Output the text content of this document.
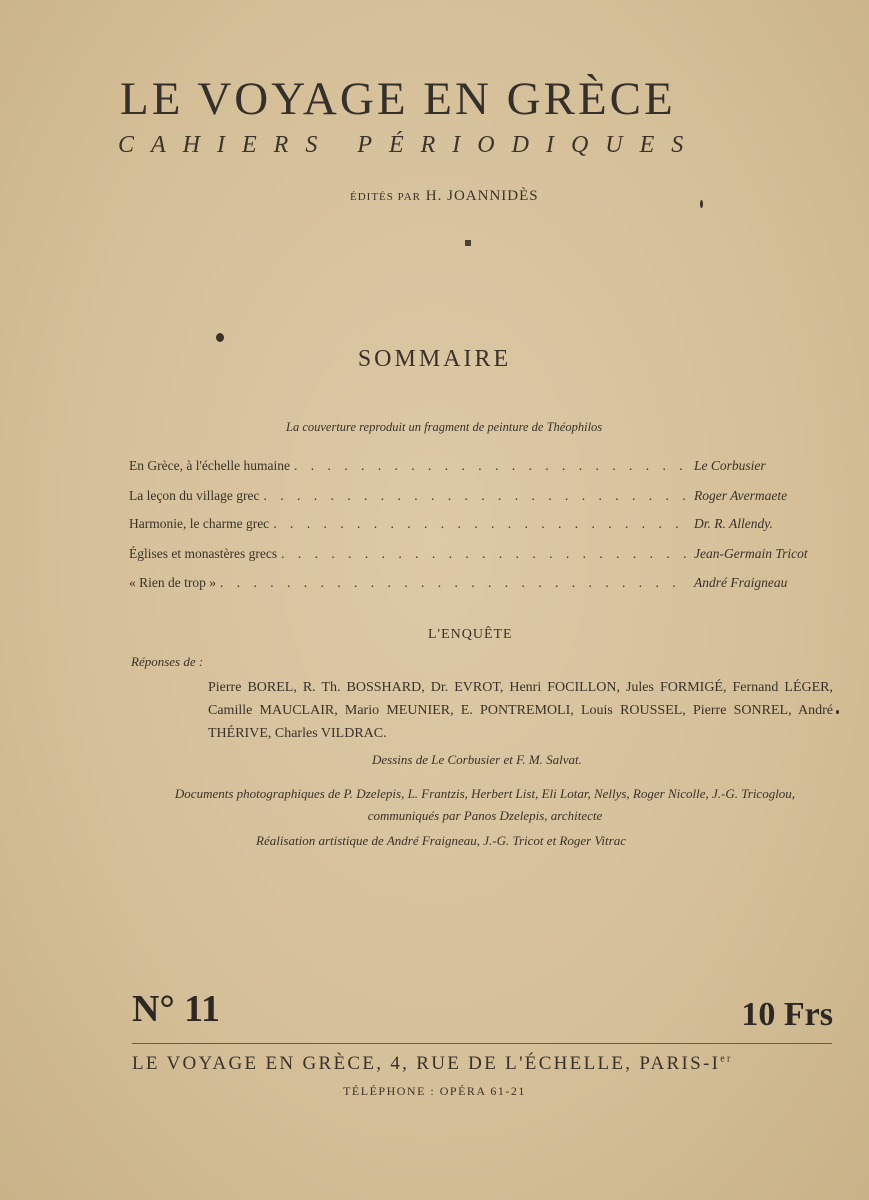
LE VOYAGE EN GRÈCE
CAHIERS PÉRIODIQUES
ÉDITÉS PAR H. JOANNIDÈS
SOMMAIRE
La couverture reproduit un fragment de peinture de Théophilos
En Grèce, à l'échelle humaine . . .	Le Corbusier
La leçon du village grec . . .	Roger Avermaete
Harmonie, le charme grec . . .	Dr. R. Allendy.
Églises et monastères grecs . . .	Jean-Germain Tricot
« Rien de trop » . . .	André Fraigneau
L'ENQUÊTE
Réponses de :
Pierre BOREL, R. Th. BOSSHARD, Dr. EVROT, Henri FOCILLON, Jules FORMIGÉ, Fernand LÉGER, Camille MAUCLAIR, Mario MEUNIER, E. PONTREMOLI, Louis ROUSSEL, Pierre SONREL, André THÉRIVE, Charles VILDRAC.
Dessins de Le Corbusier et F. M. Salvat.
Documents photographiques de P. Dzelepis, L. Frantzis, Herbert List, Eli Lotar, Nellys, Roger Nicolle, J.-G. Tricoglou, communiqués par Panos Dzelepis, architecte
Réalisation artistique de André Fraigneau, J.-G. Tricot et Roger Vitrac
N° 11	10 Frs
LE VOYAGE EN GRÈCE, 4, RUE DE L'ÉCHELLE, PARIS-Ier
TÉLÉPHONE : OPÉRA 61-21
